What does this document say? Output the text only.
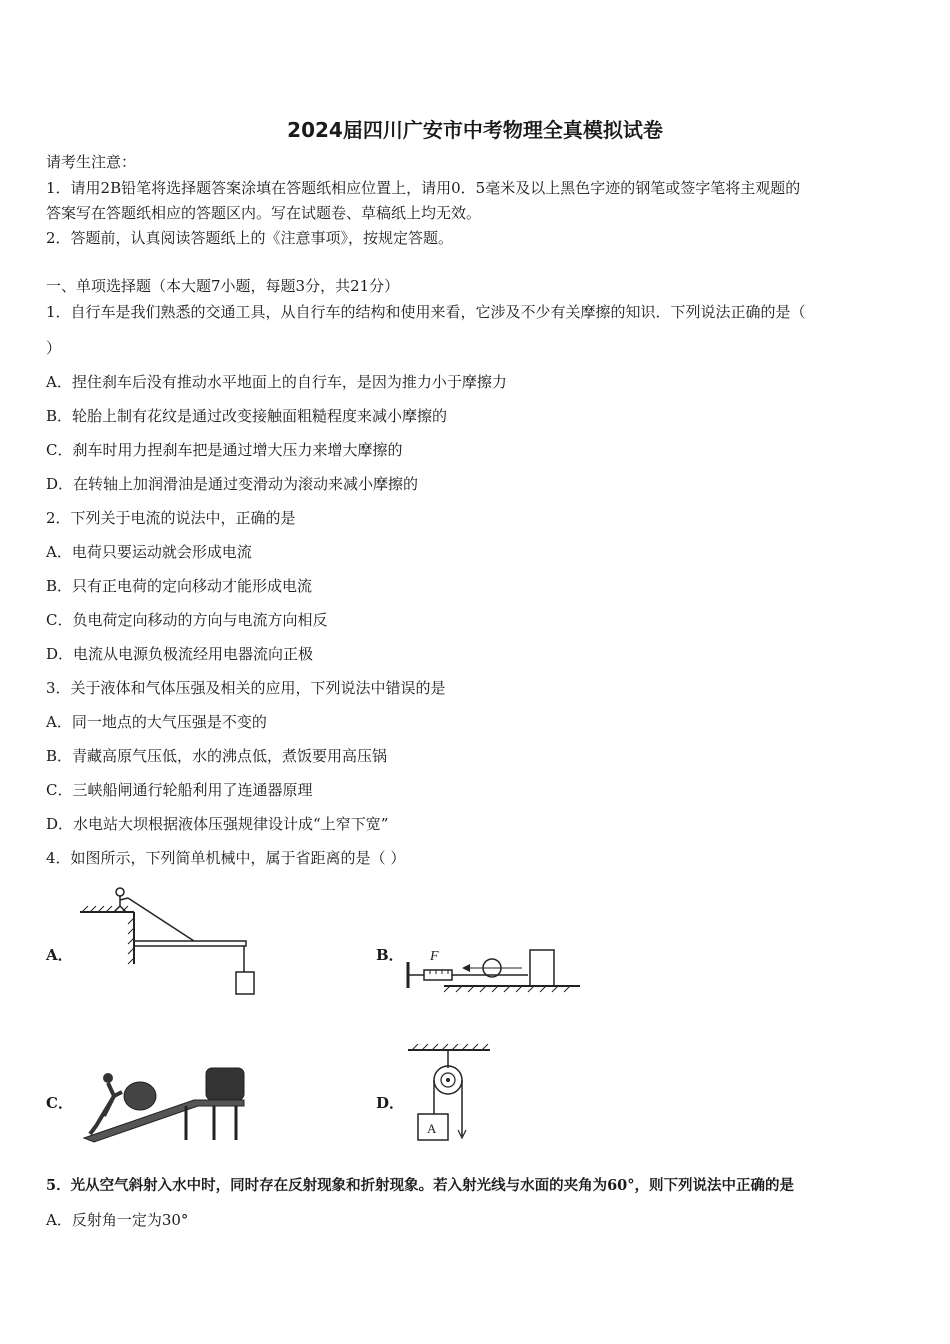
2024届四川广安市中考物理全真模拟试卷
请考生注意：
1．请用2B铅笔将选择题答案涂填在答题纸相应位置上，请用0．5毫米及以上黑色字迹的钢笔或签字笔将主观题的
答案写在答题纸相应的答题区内。写在试题卷、草稿纸上均无效。
2．答题前，认真阅读答题纸上的《注意事项》，按规定答题。
一、单项选择题（本大题7小题，每题3分，共21分）
1．自行车是我们熟悉的交通工具，从自行车的结构和使用来看，它涉及不少有关摩擦的知识．下列说法正确的是（
）
A．捏住刹车后没有推动水平地面上的自行车，是因为推力小于摩擦力
B．轮胎上制有花纹是通过改变接触面粗糙程度来减小摩擦的
C．刹车时用力捏刹车把是通过增大压力来增大摩擦的
D．在转轴上加润滑油是通过变滑动为滚动来减小摩擦的
2．下列关于电流的说法中，正确的是
A．电荷只要运动就会形成电流
B．只有正电荷的定向移动才能形成电流
C．负电荷定向移动的方向与电流方向相反
D．电流从电源负极流经用电器流向正极
3．关于液体和气体压强及相关的应用，下列说法中错误的是
A．同一地点的大气压强是不变的
B．青藏高原气压低，水的沸点低，煮饭要用高压锅
C．三峡船闸通行轮船利用了连通器原理
D．水电站大坝根据液体压强规律设计成“上窄下宽”
4．如图所示，下列简单机械中，属于省距离的是（ ）
A．	B． F
C．	D．
A
5．光从空气斜射入水中时，同时存在反射现象和折射现象。若入射光线与水面的夹角为60°，则下列说法中正确的是
A．反射角一定为30°
